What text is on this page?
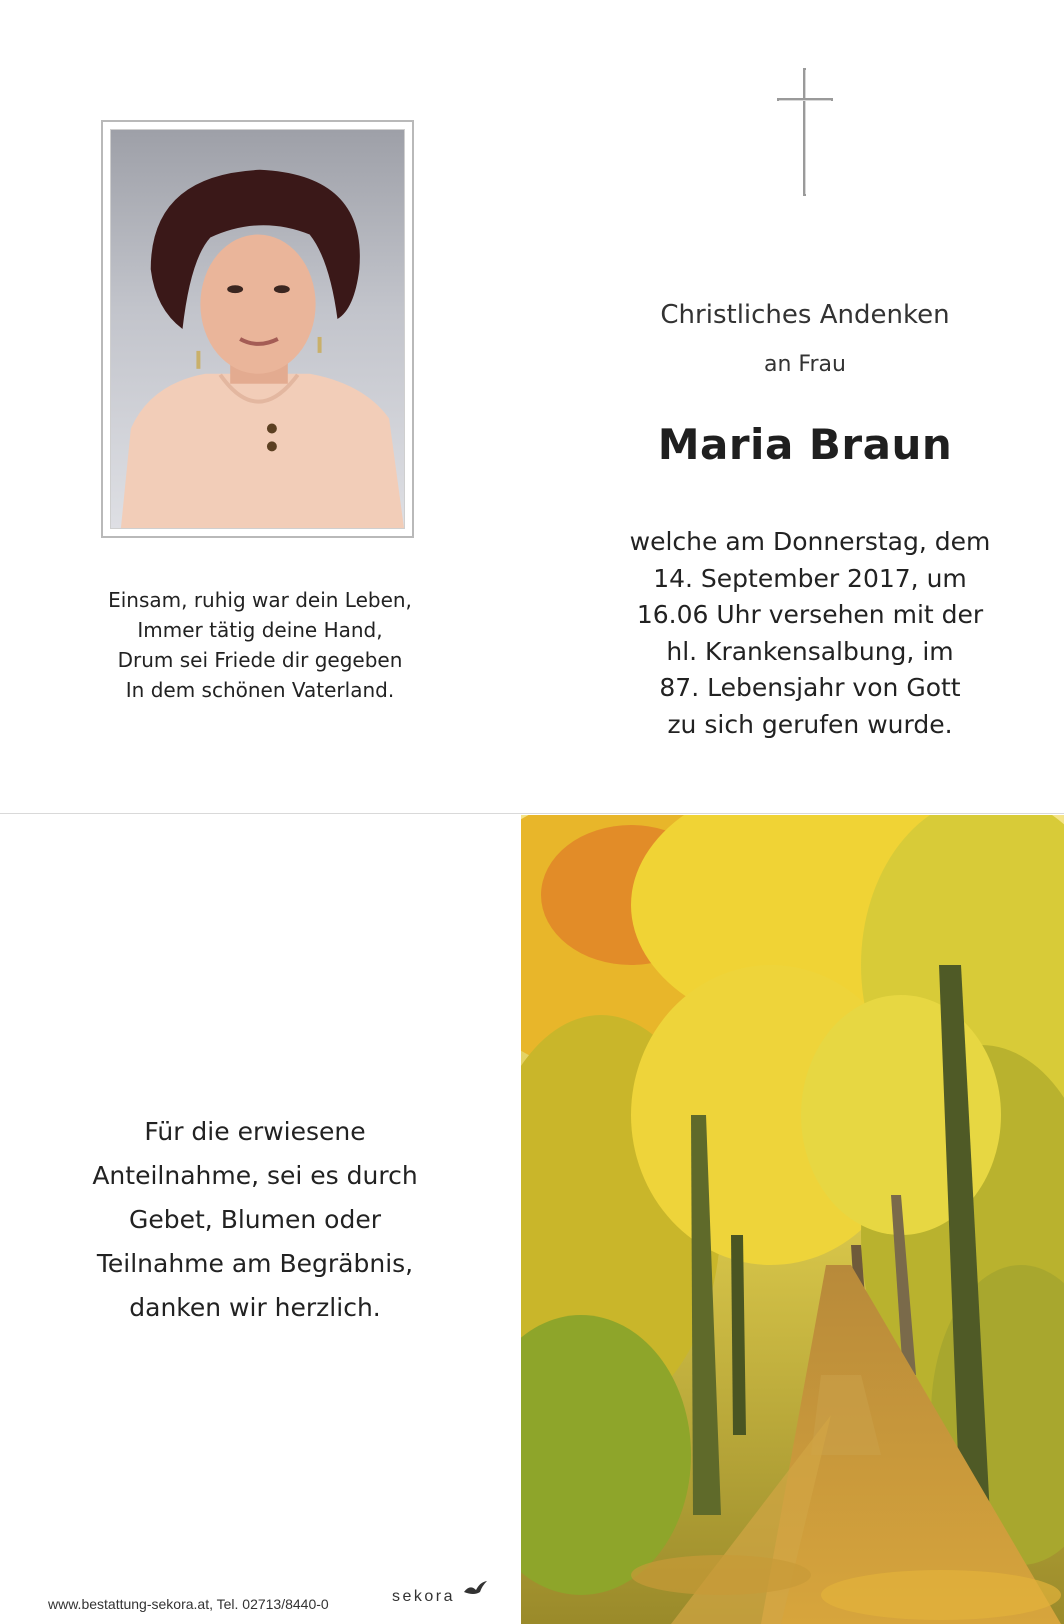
Einsam, ruhig war dein Leben,
Immer tätig deine Hand,
Drum sei Friede dir gegeben
In dem schönen Vaterland.
Christliches Andenken
an Frau
Maria Braun
welche am Donnerstag, dem
14. September 2017, um
16.06 Uhr versehen mit der
hl. Krankensalbung, im
87. Lebensjahr von Gott
zu sich gerufen wurde.
Für die erwiesene
Anteilnahme, sei es durch
Gebet, Blumen oder
Teilnahme am Begräbnis,
danken wir herzlich.
www.bestattung-sekora.at, Tel. 02713/8440-0	sekora
